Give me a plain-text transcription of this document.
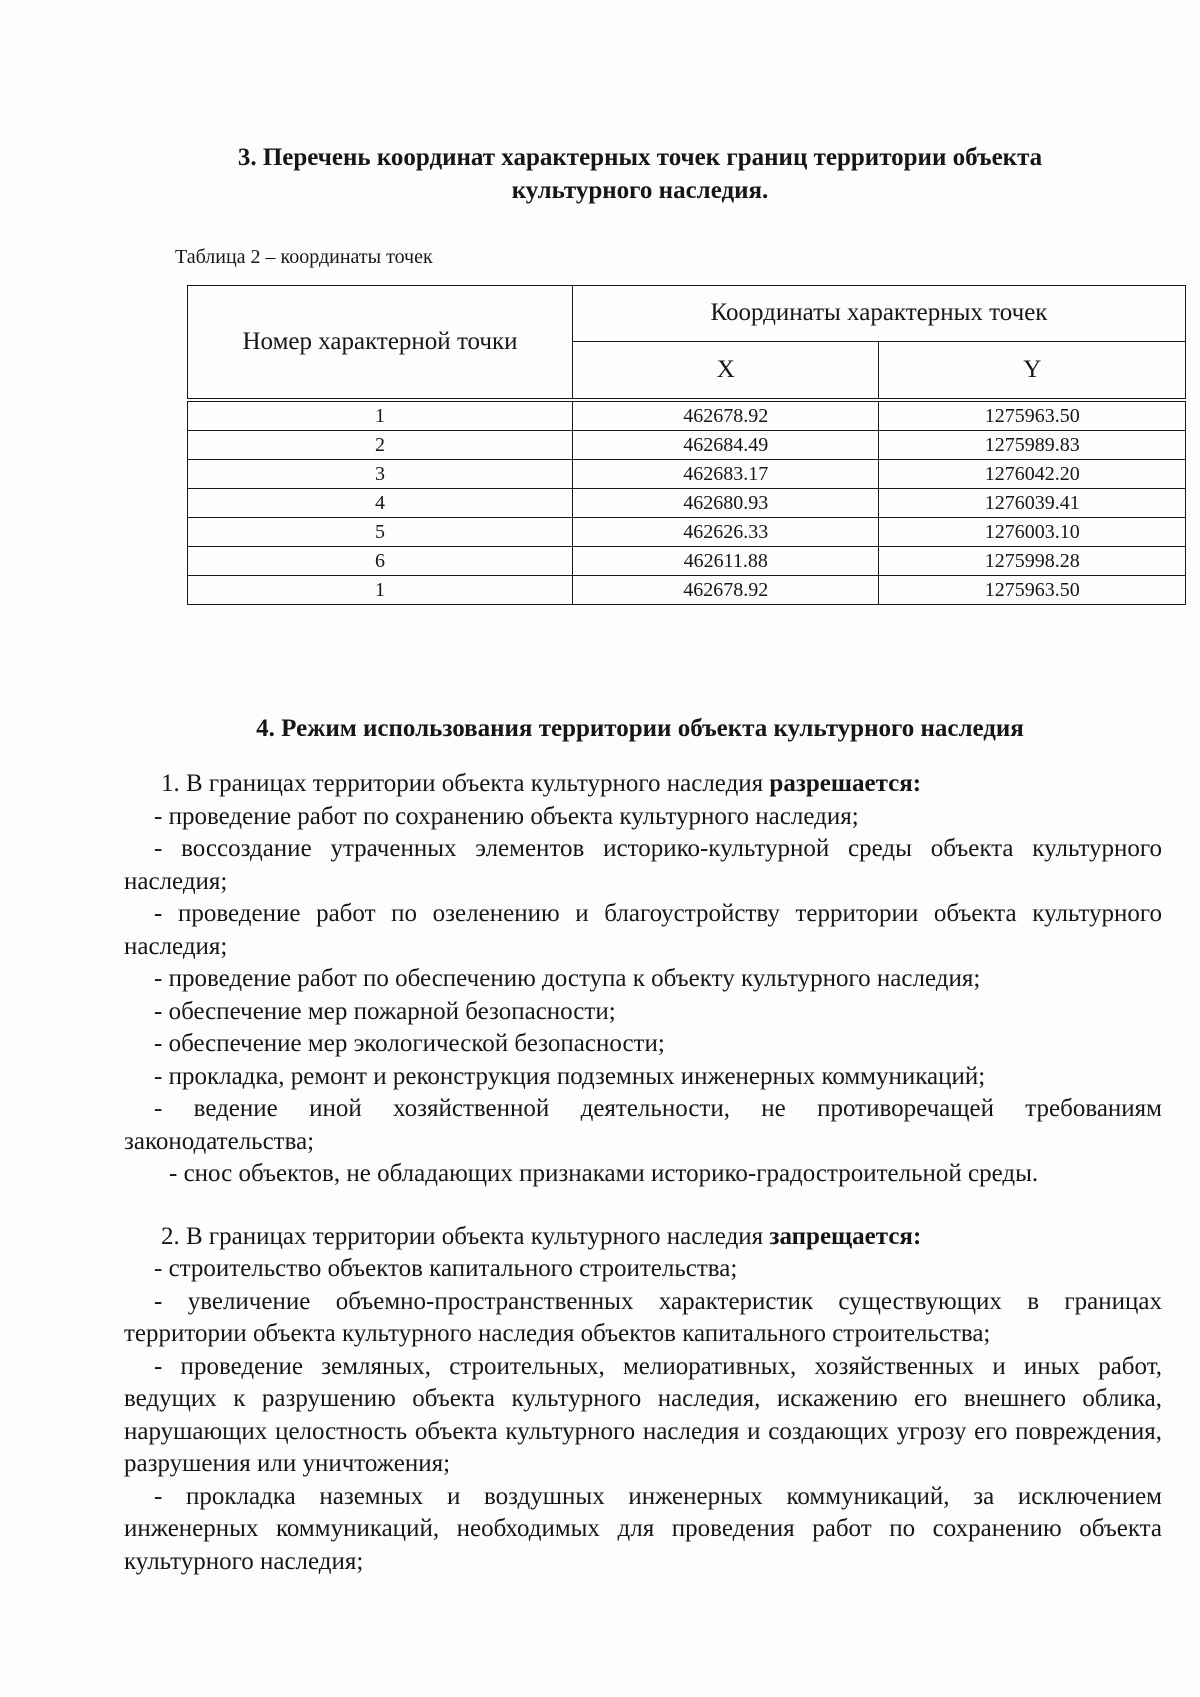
3. Перечень координат характерных точек границ территории объекта
культурного наследия.
Таблица 2 – координаты точек
Номер характерной точки	Координаты характерных точек	
	X	Y
1	462678.92	1275963.50
2	462684.49	1275989.83
3	462683.17	1276042.20
4	462680.93	1276039.41
5	462626.33	1276003.10
6	462611.88	1275998.28
1	462678.92	1275963.50
4. Режим использования территории объекта культурного наследия

1. В границах территории объекта культурного наследия разрешается:

- проведение работ по сохранению объекта культурного наследия;

- воссоздание утраченных элементов историко-культурной среды объекта культурного наследия;

- проведение работ по озеленению и благоустройству территории объекта культурного наследия;

- проведение работ по обеспечению доступа к объекту культурного наследия;

- обеспечение мер пожарной безопасности;

- обеспечение мер экологической безопасности;

- прокладка, ремонт и реконструкция подземных инженерных коммуникаций;

- ведение иной хозяйственной деятельности, не противоречащей требованиям законодательства;

- снос объектов, не обладающих признаками историко-градостроительной среды.

2. В границах территории объекта культурного наследия запрещается:

- строительство объектов капитального строительства;

- увеличение объемно-пространственных характеристик существующих в границах территории объекта культурного наследия объектов капитального строительства;

- проведение земляных, строительных, мелиоративных, хозяйственных и иных работ, ведущих к разрушению объекта культурного наследия, искажению его внешнего облика, нарушающих целостность объекта культурного наследия и создающих угрозу его повреждения, разрушения или уничтожения;

- прокладка наземных и воздушных инженерных коммуникаций, за исключением инженерных коммуникаций, необходимых для проведения работ по сохранению объекта культурного наследия;
